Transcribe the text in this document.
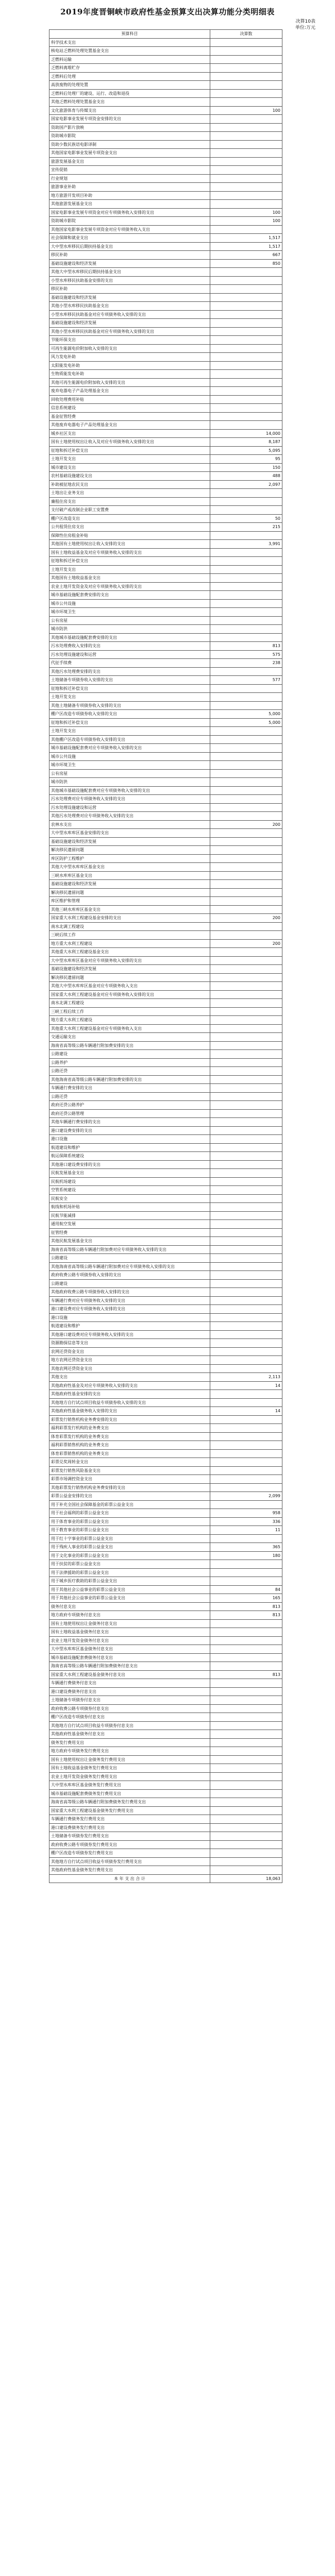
2019年度晋铜峡市政府性基金预算支出决算功能分类明细表
决算10表
单位:万元
预算科目	决算数
科学技术支出	
核电站乏燃料处理处置基金支出	
乏燃料运输	
乏燃料离堆贮存	
乏燃料后处理	
高放废物的处理处置	
乏燃料后处理厂的建设、运行、改造和退役	
其他乏燃料处理处置基金支出	
文化旅游体育与传媒支出	100
国家电影事业发展专项资金安排的支出	
资助国产影片放映	
资助城市影院	
资助少数民族语电影译制	
其他国家电影事业发展专项资金支出	
旅游发展基金支出	
宣传促销	
行业规划	
旅游事业补助	
地方旅游开发项目补助	
其他旅游发展基金支出	
国家电影事业发展专项资金对应专项债务收入安排的支出	100
资助城市影院	100
其他国家电影事业发展专项资金对应专项债务收入支出	
社会保障和就业支出	1,517
大中型水库移民后期扶持基金支出	1,517
移民补助	667
基础设施建设和经济发展	850
其他大中型水库移民后期扶持基金支出	
小型水库移民扶助基金安排的支出	
移民补助	
基础设施建设和经济发展	
其他小型水库移民扶助基金支出	
小型水库移民扶助基金对应专项债务收入安排的支出	
基础设施建设和经济发展	
其他小型水库移民扶助基金对应专项债务收入安排的支出	
节能环保支出	
可再生能源电价附加收入安排的支出	
风力发电补助	
太阳能发电补助	
生物质能发电补助	
其他可再生能源电价附加收入安排的支出	
废弃电器电子产品处理基金支出	
回收处理费用补贴	
信息系统建设	
基金征管经费	
其他废弃电器电子产品处理基金支出	
城乡社区支出	14,000
国有土地使用权出让收入及对应专项债务收入安排的支出	8,187
征地和拆迁补偿支出	5,095
土地开发支出	95
城市建设支出	150
农村基础设施建设支出	488
补助被征地农民支出	2,097
土地出让业务支出	
廉租住房支出	
支付破产或改制企业职工安置费	
棚户区改造支出	50
公共租赁住房支出	215
保障性住房租金补贴	
其他国有土地使用权出让收入安排的支出	3,991
国有土地收益基金及对应专项债务收入安排的支出	
征地和拆迁补偿支出	
土地开发支出	
其他国有土地收益基金支出	
农业土地开发资金及对应专项债务收入安排的支出	
城市基础设施配套费安排的支出	
城市公共设施	
城市环境卫生	
公有房屋	
城市防洪	
其他城市基础设施配套费安排的支出	
污水处理费收入安排的支出	813
污水处理设施建设和运营	575
代征手续费	238
其他污水处理费安排的支出	
土地储备专项债券收入安排的支出	577
征地和拆迁补偿支出	
土地开发支出	
其他土地储备专项债券收入安排的支出	
棚户区改造专项债券收入安排的支出	5,000
征地和拆迁补偿支出	5,000
土地开发支出	
其他棚户区改造专项债券收入安排的支出	
城市基础设施配套费对应专项债务收入安排的支出	
城市公共设施	
城市环境卫生	
公有房屋	
城市防洪	
其他城市基础设施配套费对应专项债务收入安排的支出	
污水处理费对应专项债务收入安排的支出	
污水处理设施建设和运营	
其他污水处理费对应专项债务收入安排的支出	
农林水支出	200
大中型水库库区基金安排的支出	
基础设施建设和经济发展	
解决移民遗留问题	
库区防护工程维护	
其他大中型水库库区基金支出	
三峡水库库区基金支出	
基础设施建设和经济发展	
解决移民遗留问题	
库区维护和管理	
其他三峡水库库区基金支出	
国家重大水利工程建设基金安排的支出	200
南水北调工程建设	
三峡后续工作	
地方重大水利工程建设	200
其他重大水利工程建设基金支出	
大中型水库库区基金对应专项债务收入安排的支出	
基础设施建设和经济发展	
解决移民遗留问题	
其他大中型水库库区基金对应专项债务收入支出	
国家重大水利工程建设基金对应专项债务收入安排的支出	
南水北调工程建设	
三峡工程后续工作	
地方重大水利工程建设	
其他重大水利工程建设基金对应专项债务收入支出	
交通运输支出	
海南省高等级公路车辆通行附加费安排的支出	
公路建设	
公路养护	
公路还贷	
其他海南省高等级公路车辆通行附加费安排的支出	
车辆通行费安排的支出	
公路还贷	
政府还贷公路养护	
政府还贷公路管理	
其他车辆通行费安排的支出	
港口建设费安排的支出	
港口设施	
航道建设和维护	
航运保障系统建设	
其他港口建设费安排的支出	
民航发展基金支出	
民航机场建设	
空管系统建设	
民航安全	
航线和机场补贴	
民航节能减排	
通用航空发展	
征管经费	
其他民航发展基金支出	
海南省高等级公路车辆通行附加费对应专项债务收入安排的支出	
公路建设	
其他海南省高等级公路车辆通行附加费对应专项债务收入安排的支出	
政府收费公路专项债券收入安排的支出	
公路建设	
其他政府收费公路专项债券收入安排的支出	
车辆通行费对应专项债务收入安排的支出	
港口建设费对应专项债务收入安排的支出	
港口设施	
航道建设和维护	
其他港口建设费对应专项债务收入安排的支出	
资源勘探信息等支出	
农网还贷资金支出	
地方农网还贷资金支出	
其他农网还贷资金支出	
其他支出	2,113
其他政府性基金及对应专项债务收入安排的支出	14
其他政府性基金安排的支出	
其他地方自行试点项目收益专项债券收入安排的支出	
其他政府性基金债务收入安排的支出	14
彩票发行销售机构业务费安排的支出	
福利彩票发行机构的业务费支出	
体育彩票发行机构的业务费支出	
福利彩票销售机构的业务费支出	
体育彩票销售机构的业务费支出	
彩票兑奖周转金支出	
彩票发行销售风险基金支出	
彩票市场调控资金支出	
其他彩票发行销售机构业务费安排的支出	
彩票公益金安排的支出	2,099
用于补充全国社会保障基金的彩票公益金支出	
用于社会福利的彩票公益金支出	958
用于体育事业的彩票公益金支出	336
用于教育事业的彩票公益金支出	11
用于红十字事业的彩票公益金支出	
用于残疾人事业的彩票公益金支出	365
用于文化事业的彩票公益金支出	180
用于扶贫的彩票公益金支出	
用于法律援助的彩票公益金支出	
用于城乡医疗救助的彩票公益金支出	
用于其他社会公益事业的彩票公益金支出	84
用于其他社会公益事业的彩票公益金支出	165
债务付息支出	813
地方政府专项债务付息支出	813
国有土地使用权出让金债务付息支出	
国有土地收益基金债务付息支出	
农业土地开发资金债务付息支出	
大中型水库库区基金债务付息支出	
城市基础设施配套费债务付息支出	
海南省高等级公路车辆通行附加费债务付息支出	
国家重大水利工程建设基金债务付息支出	813
车辆通行费债务付息支出	
港口建设费债务付息支出	
土地储备专项债券付息支出	
政府收费公路专项债券付息支出	
棚户区改造专项债券付息支出	
其他地方自行试点项目收益专项债券付息支出	
其他政府性基金债务付息支出	
债务发行费用支出	
地方政府专项债务发行费用支出	
国有土地使用权出让金债务发行费用支出	
国有土地收益基金债务发行费用支出	
农业土地开发资金债务发行费用支出	
大中型水库库区基金债务发行费用支出	
城市基础设施配套费债务发行费用支出	
海南省高等级公路车辆通行附加费债务发行费用支出	
国家重大水利工程建设基金债务发行费用支出	
车辆通行费债务发行费用支出	
港口建设费债务发行费用支出	
土地储备专项债券发行费用支出	
政府收费公路专项债券发行费用支出	
棚户区改造专项债券发行费用支出	
其他地方自行试点项目收益专项债券发行费用支出	
其他政府性基金债务发行费用支出	
本 年 支 出 合 计	18,063
